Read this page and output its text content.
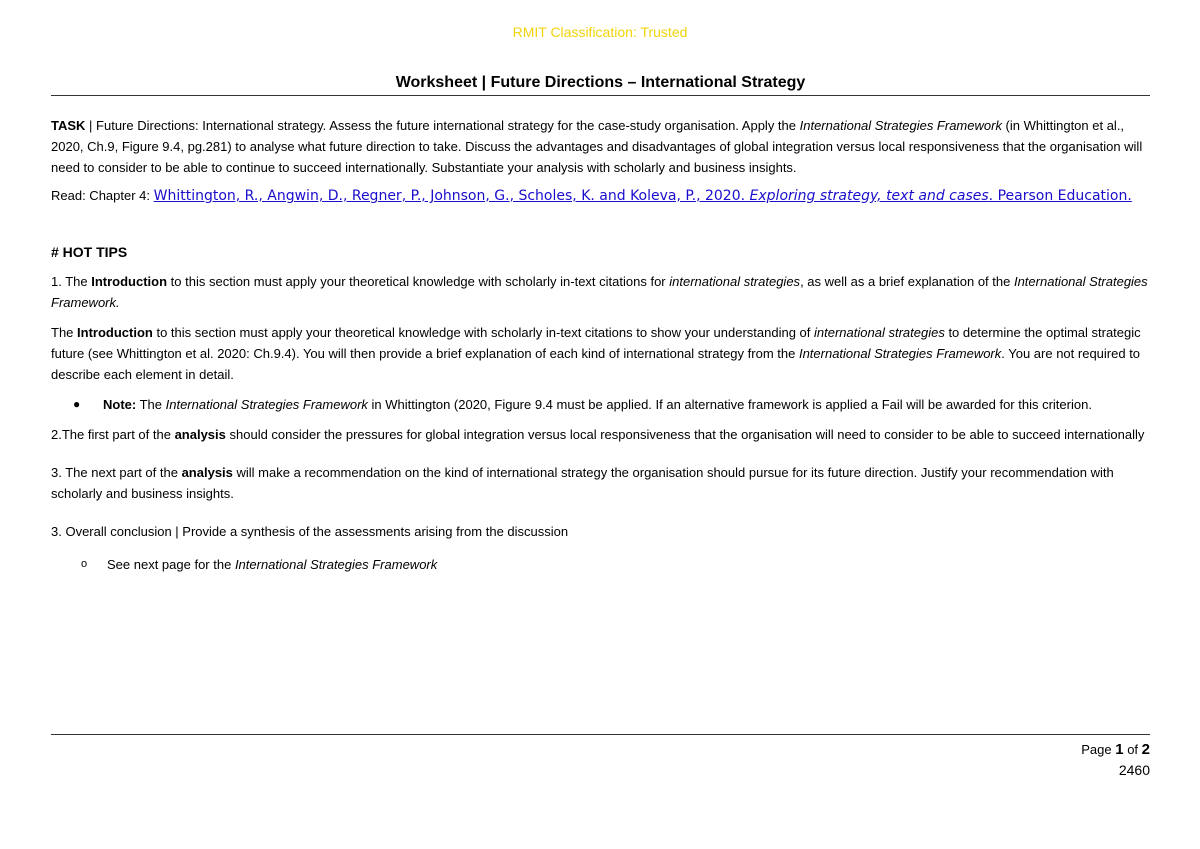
RMIT Classification: Trusted
Worksheet | Future Directions – International Strategy

TASK | Future Directions: International strategy. Assess the future international strategy for the case-study organisation. Apply the International Strategies Framework (in Whittington et al., 2020, Ch.9, Figure 9.4, pg.281) to analyse what future direction to take. Discuss the advantages and disadvantages of global integration versus local responsiveness that the organisation will need to consider to be able to continue to succeed internationally. Substantiate your analysis with scholarly and business insights.

Read: Chapter 4: Whittington, R., Angwin, D., Regner, P., Johnson, G., Scholes, K. and Koleva, P., 2020. Exploring strategy, text and cases. Pearson Education.

# HOT TIPS

1. The Introduction to this section must apply your theoretical knowledge with scholarly in-text citations for international strategies, as well as a brief explanation of the International Strategies Framework.

The Introduction to this section must apply your theoretical knowledge with scholarly in-text citations to show your understanding of international strategies to determine the optimal strategic future (see Whittington et al. 2020: Ch.9.4). You will then provide a brief explanation of each kind of international strategy from the International Strategies Framework. You are not required to describe each element in detail.

●	Note: The International Strategies Framework in Whittington (2020, Figure 9.4 must be applied. If an alternative framework is applied a Fail will be awarded for this criterion.

2.The first part of the analysis should consider the pressures for global integration versus local responsiveness that the organisation will need to consider to be able to succeed internationally

3. The next part of the analysis will make a recommendation on the kind of international strategy the organisation should pursue for its future direction. Justify your recommendation with scholarly and business insights.

3. Overall conclusion | Provide a synthesis of the assessments arising from the discussion

o	See next page for the International Strategies Framework
Page 1 of 2
2460
